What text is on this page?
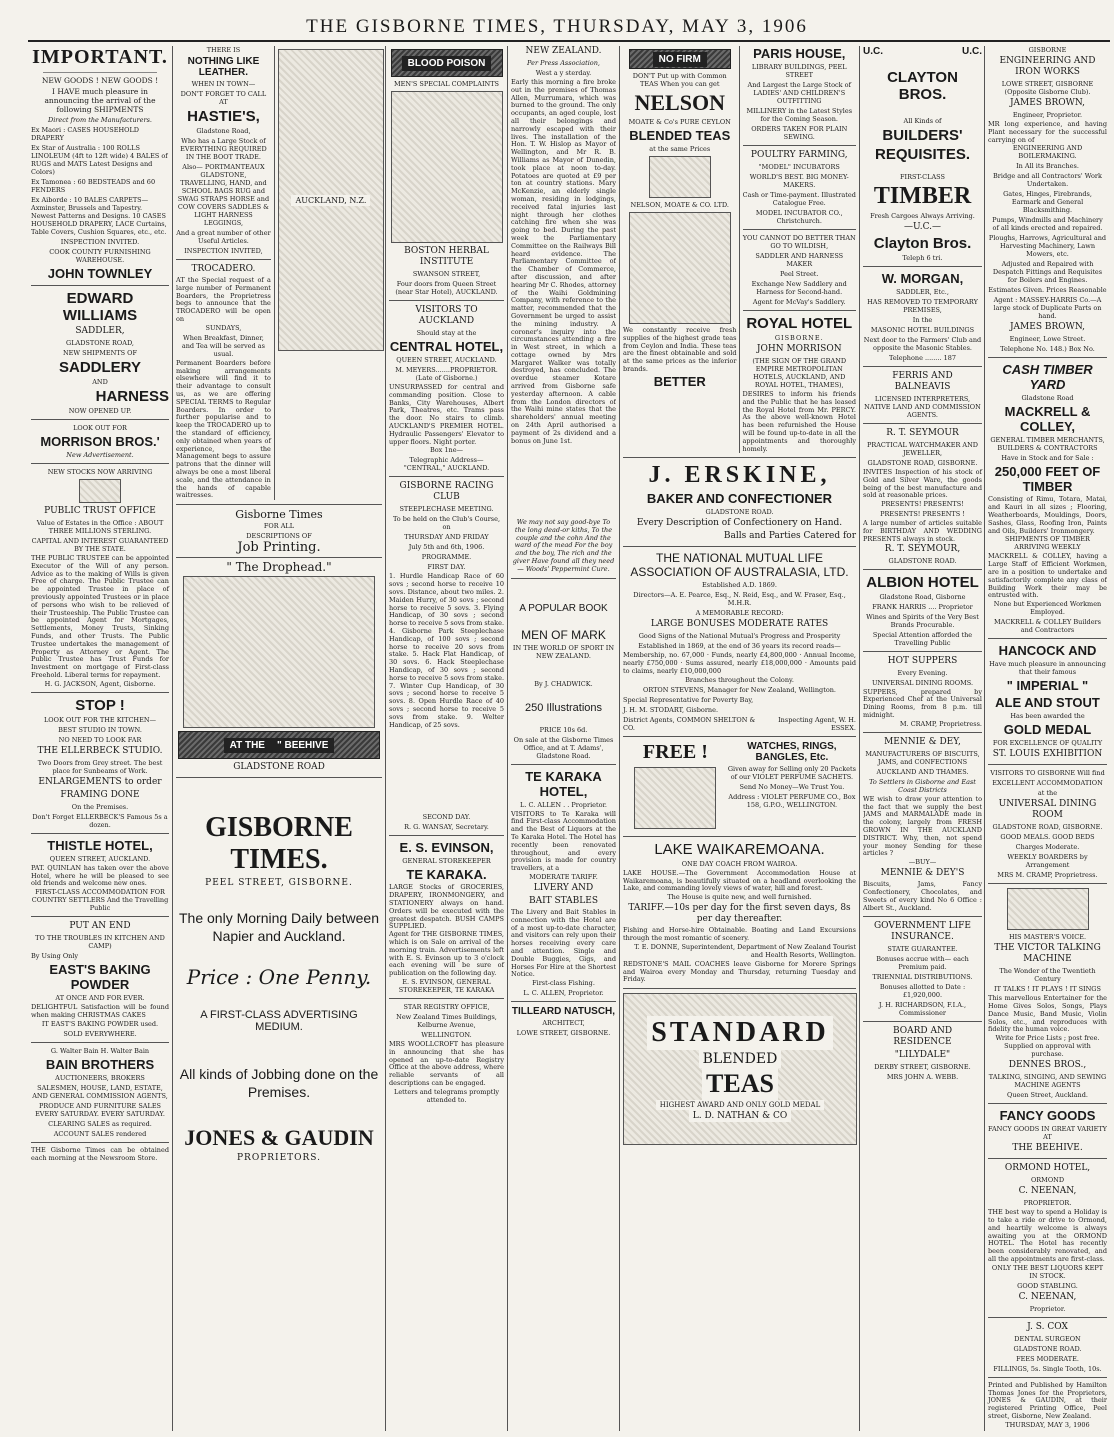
THE GISBORNE TIMES, THURSDAY, MAY 3, 1906
IMPORTANT.
NEW GOODS ! NEW GOODS !
I HAVE much pleasure in announcing the arrival of the following SHIPMENTS
Direct from the Manufacturers.
Ex Maori : CASES HOUSEHOLD DRAPERY
Ex Star of Australia : 100 ROLLS LINOLEUM (4ft to 12ft wide) 4 BALES of RUGS and MATS Latest Designs and Colors)
Ex Tamonea : 60 BEDSTEADS and 60 FENDERS
Ex Aiborde : 10 BALES CARPETS—Axminster, Brussels and Tapestry. Newest Patterns and Designs. 10 CASES HOUSEHOLD DRAPERY, LACE Curtains, Table Covers, Cushion Squares, etc., etc.
INSPECTION INVITED.
COOK COUNTY FURNISHING WAREHOUSE.
JOHN TOWNLEY
EDWARD WILLIAMS
SADDLER,
GLADSTONE ROAD,
NEW SHIPMENTS OF
SADDLERY
AND
HARNESS
NOW OPENED UP.
LOOK OUT FOR
MORRISON BROS.'
New Advertisement.
NEW STOCKS NOW ARRIVING
PUBLIC TRUST OFFICE
Value of Estates in the Office : ABOUT THREE MILLIONS STERLING.
CAPITAL AND INTEREST GUARANTEED BY THE STATE.
THE PUBLIC TRUSTEE can be appointed Executor of the Will of any person. Advice as to the making of Wills is given Free of charge. The Public Trustee can be appointed Trustee in place of previously appointed Trustees or in place of persons who wish to be relieved of their Trusteeship. The Public Trustee can be appointed Agent for Mortgages, Settlements, Money Trusts, Sinking Funds, and other Trusts. The Public Trustee undertakes the management of Property as Attorney or Agent. The Public Trustee has Trust Funds for Investment on mortgage of First-class Freehold. Liberal terms for repayment.
H. G. JACKSON, Agent, Gisborne.
STOP !
LOOK OUT FOR THE KITCHEN—
BEST STUDIO IN TOWN.
NO NEED TO LOOK FAR
THE ELLERBECK STUDIO.
Two Doors from Grey street. The best place for Sunbeams of Work.
ENLARGEMENTS to order
FRAMING DONE
On the Premises.
Don't Forget ELLERBECK'S Famous 5s a dozen.
THISTLE HOTEL,
QUEEN STREET, AUCKLAND.
PAT. QUINLAN has taken over the above Hotel, where he will be pleased to see old friends and welcome new ones.
FIRST-CLASS ACCOMMODATION FOR COUNTRY SETTLERS And the Travelling Public
PUT AN END
TO THE TROUBLES IN KITCHEN AND CAMP)
By Using Only
EAST'S BAKING POWDER
AT ONCE AND FOR EVER.
DELIGHTFUL Satisfaction will be found when making CHRISTMAS CAKES
IT EAST'S BAKING POWDER used.
SOLD EVERYWHERE.
G. Walter Bain H. Walter Bain
BAIN BROTHERS
AUCTIONEERS, BROKERS
SALESMEN, HOUSE, LAND, ESTATE, AND GENERAL COMMISSION AGENTS,
PRODUCE AND FURNITURE SALES EVERY SATURDAY. EVERY SATURDAY.
CLEARING SALES as required.
ACCOUNT SALES rendered
THE Gisborne Times can be obtained each morning at the Newsroom Store.
THERE IS
NOTHING LIKE LEATHER.
WHEN IN TOWN—
DON'T FORGET TO CALL AT
HASTIE'S,
Gladstone Road,
Who has a Large Stock of EVERYTHING REQUIRED IN THE BOOT TRADE.
Also— PORTMANTEAUX GLADSTONE, TRAVELLING, HAND, and SCHOOL BAGS RUG and SWAG STRAPS HORSE and COW COVERS SADDLES & LIGHT HARNESS LEGGINGS,
And a great number of other Useful Articles.
INSPECTION INVITED,
TROCADERO.
AT the Special request of a large number of Permanent Boarders, the Proprietress begs to announce that the TROCADERO will be open on
SUNDAYS,
When Breakfast, Dinner, and Tea will be served as usual.
Permanent Boarders before making arrangements elsewhere will find it to their advantage to consult us, as we are offering SPECIAL TERMS to Regular Boarders. In order to further popularise and to keep the TROCADERO up to the standard of efficiency, only obtained when years of experience, the Management begs to assure patrons that the dinner will always be one a most liberal scale, and the attendance in the hands of capable waitresses.
AUCKLAND, N.Z.
Gisborne Times
FOR ALL
DESCRIPTIONS OF
Job Printing.
" The Drophead."
AT THE	" BEEHIVE
GLADSTONE ROAD
GISBORNE TIMES.
PEEL STREET, GISBORNE.
The only Morning Daily between Napier and Auckland.
Price : One Penny.
A FIRST-CLASS ADVERTISING MEDIUM.
All kinds of Jobbing done on the Premises.
JONES & GAUDIN
PROPRIETORS.
BLOOD POISON
MEN'S SPECIAL COMPLAINTS
BOSTON HERBAL INSTITUTE
SWANSON STREET,
Four doors from Queen Street (near Star Hotel), AUCKLAND.
VISITORS TO AUCKLAND
Should stay at the
CENTRAL HOTEL,
QUEEN STREET, AUCKLAND.
M. MEYERS.......PROPRIETOR. (Late of Gisborne.)
UNSURPASSED for central and commanding position. Close to Banks, City Warehouses, Albert Park, Theatres, etc. Trams pass the door. No stairs to climb. AUCKLAND'S PREMIER HOTEL. Hydraulic Passengers' Elevator to upper floors. Night porter.
Box 1ne—
Telegraphic Address— "CENTRAL," AUCKLAND.
GISBORNE RACING CLUB
STEEPLECHASE MEETING.
To be held on the Club's Course, on
THURSDAY AND FRIDAY
July 5th and 6th, 1906.
PROGRAMME.
FIRST DAY.
1. Hurdle Handicap Race of 60 sovs ; second horse to receive 10 sovs. Distance, about two miles. 2. Maiden Hurry, of 30 sovs ; second horse to receive 5 sovs. 3. Flying Handicap, of 30 sovs ; second horse to receive 5 sovs from stake. 4. Gisborne Park Steeplechase Handicap, of 100 sovs ; second horse to receive 20 sovs from stake. 5. Hack Flat Handicap, of 30 sovs. 6. Hack Steeplechase Handicap, of 30 sovs ; second horse to receive 5 sovs from stake. 7. Winter Cup Handicap, of 30 sovs ; second horse to receive 5 sovs. 8. Open Hurdle Race of 40 sovs ; second horse to receive 5 sovs from stake. 9. Welter Handicap, of 25 sovs.
SECOND DAY.
R. G. WANSAY, Secretary.
E. S. EVINSON,
GENERAL STOREKEEPER
TE KARAKA.
LARGE Stocks of GROCERIES, DRAPERY, IRONMONGERY, and STATIONERY always on hand. Orders will be executed with the greatest despatch. BUSH CAMPS SUPPLIED.
Agent for THE GISBORNE TIMES, which is on Sale on arrival of the morning train. Advertisements left with E. S. Evinson up to 3 o'clock each evening will be sure of publication on the following day.
E. S. EVINSON, GENERAL STOREKEEPER, TE KARAKA
STAR REGISTRY OFFICE,
New Zealand Times Buildings, Kelburne Avenue,
WELLINGTON.
MRS WOOLLCROFT has pleasure in announcing that she has opened an up-to-date Registry Office at the above address, where reliable servants of all descriptions can be engaged.
Letters and telegrams promptly attended to.
NEW ZEALAND.
Per Press Association,
West a y sterday.
Early this morning a fire broke out in the premises of Thomas Allen, Murrumara, which was burned to the ground. The only occupants, an aged couple, lost all their belongings and narrowly escaped with their lives. The installation of the Hon. T. W. Hislop as Mayor of Wellington, and Mr R. B. Williams as Mayor of Dunedin, took place at noon to-day. Potatoes are quoted at £9 per ton at country stations. Mary McKenzie, an elderly single woman, residing in lodgings, received fatal injuries last night through her clothes catching fire when she was going to bed. During the past week the Parliamentary Committee on the Railways Bill heard evidence. The Parliamentary Committee of the Chamber of Commerce, after discussion, and after hearing Mr C. Rhodes, attorney of the Waihi Goldmining Company, with reference to the matter, recommended that the Government be urged to assist the mining industry. A coroner's inquiry into the circumstances attending a fire in West street, in which a cottage owned by Mrs Margaret Walker was totally destroyed, has concluded. The overdue steamer Kotare arrived from Gisborne safe yesterday afternoon. A cable from the London directors of the Waihi mine states that the shareholders' annual meeting on 24th April authorised a payment of 2s dividend and a bonus on June 1st.
We may not say good-bye To the long dead-or kiths, To the couple and the cohn And the ward of the mead For the boy and the boy, The rich and the giver Have found all they need— Woods' Peppermint Cure.
A POPULAR BOOK
MEN OF MARK
IN THE WORLD OF SPORT IN NEW ZEALAND.
By J. CHADWICK.
250 Illustrations
PRICE 10s 6d.
On sale at the Gisborne Times Office, and at T. Adams', Gladstone Road.
TE KARAKA HOTEL,
L. C. ALLEN . . Proprietor.
VISITORS to Te Karaka will find First-class Accommodation and the Best of Liquors at the Te Karaka Hotel. The Hotel has recently been renovated throughout, and every provision is made for country travellers, at a
MODERATE TARIFF.
LIVERY AND
BAIT STABLES
The Livery and Bait Stables in connection with the Hotel are of a most up-to-date character, and visitors can rely upon their horses receiving every care and attention. Single and Double Buggies, Gigs, and Horses For Hire at the Shortest Notice.
First-class Fishing.
L. C. ALLEN, Proprietor.
TILLEARD NATUSCH,
ARCHITECT,
LOWE STREET, GISBORNE.
NO FIRM
DON'T Put up with Common TEAS When you can get
NELSON
MOATE & Co's PURE CEYLON
BLENDED TEAS
at the same Prices
NELSON, MOATE & CO. LTD.
We constantly receive fresh supplies of the highest grade teas from Ceylon and India. These teas are the finest obtainable and sold at the same prices as the inferior brands.
BETTER
PARIS HOUSE,
LIBRARY BUILDINGS, PEEL STREET
And Largest the Large Stock of LADIES' AND CHILDREN'S OUTFITTING
MILLINERY in the Latest Styles for the Coming Season.
ORDERS TAKEN FOR PLAIN SEWING.
POULTRY FARMING,
"MODEL" INCUBATORS
WORLD'S BEST. BIG MONEY-MAKERS.
Cash or Time-payment. Illustrated Catalogue Free.
MODEL INCUBATOR CO., Christchurch.
YOU CANNOT DO BETTER THAN GO TO WILDISH,
SADDLER AND HARNESS MAKER
Peel Street.
Exchange New Saddlery and Harness for Second-hand.
Agent for McVay's Saddlery.
ROYAL HOTEL
GISBORNE.
JOHN MORRISON
(THE SIGN OF THE GRAND EMPIRE METROPOLITAN HOTELS, AUCKLAND, AND ROYAL HOTEL, THAMES),
DESIRES to inform his friends and the Public that he has leased the Royal Hotel from Mr. PERCY. As the above well-known Hotel has been refurnished the House will be found up-to-date in all the appointments and thoroughly homely.
J. ERSKINE,
BAKER AND CONFECTIONER
GLADSTONE ROAD.
Every Description of Confectionery on Hand.
Balls and Parties Catered for
THE NATIONAL MUTUAL LIFE ASSOCIATION OF AUSTRALASIA, LTD.
Established A.D. 1869.
Directors—A. E. Pearce, Esq., N. Reid, Esq., and W. Fraser, Esq., M.H.R.
A MEMORABLE RECORD:
LARGE BONUSES MODERATE RATES
Good Signs of the National Mutual's Progress and Prosperity
Established in 1869, at the end of 36 years its record reads—
Membership, no. 67,000 · Funds, nearly £4,800,000 · Annual Income, nearly £750,000 · Sums assured, nearly £18,000,000 · Amounts paid to claims, nearly £10,000,000
Branches throughout the Colony.
ORTON STEVENS, Manager for New Zealand, Wellington.
Special Representative for Poverty Bay,
J. H. M. STODART, Gisborne.
District Agents, COMMON SHELTON & CO.
Inspecting Agent, W. H. ESSEX.
FREE !	WATCHES, RINGS, BANGLES, Etc.
Given away for Selling only 20 Packets of our VIOLET PERFUME SACHETS.
Send No Money—We Trust You.
Address : VIOLET PERFUME CO., Box 158, G.P.O., WELLINGTON.
LAKE WAIKAREMOANA.
ONE DAY COACH FROM WAIROA.
LAKE HOUSE.—The Government Accommodation House at Waikaremoana, is beautifully situated on a headland overlooking the Lake, and commanding lovely views of water, hill and forest.
The House is quite new, and well furnished.
TARIFF.—10s per day for the first seven days, 8s per day thereafter.
Fishing and Horse-hire Obtainable. Boating and Land Excursions through the most romantic of scenery.
T. E. DONNE, Superintendent, Department of New Zealand Tourist and Health Resorts, Wellington.
REDSTONE'S MAIL COACHES leave Gisborne for Morere Springs and Wairoa every Monday and Thursday, returning Tuesday and Friday.
STANDARD
BLENDED
TEAS
HIGHEST AWARD AND ONLY GOLD MEDAL
L. D. NATHAN & CO
U.C.	U.C.
CLAYTON BROS.
All Kinds of
BUILDERS'
REQUISITES.
FIRST-CLASS
TIMBER
Fresh Cargoes Always Arriving.
—U.C.—
Clayton Bros.
Teleph 6 tri.
W. MORGAN,
SADDLER, Etc.,
HAS REMOVED TO TEMPORARY PREMISES,
In the
MASONIC HOTEL BUILDINGS
Next door to the Farmers' Club and opposite the Masonic Stables.
Telephone ........ 187
FERRIS AND BALNEAVIS
LICENSED INTERPRETERS, NATIVE LAND AND COMMISSION AGENTS.
R. T. SEYMOUR
PRACTICAL WATCHMAKER AND JEWELLER,
GLADSTONE ROAD, GISBORNE.
INVITES Inspection of his stock of Gold and Silver Ware, the goods being of the best manufacture and sold at reasonable prices.
PRESENTS! PRESENTS!
PRESENTS! PRESENTS !
A large number of articles suitable for BIRTHDAY AND WEDDING PRESENTS always in stock.
R. T. SEYMOUR,
GLADSTONE ROAD.
ALBION HOTEL
Gladstone Road, Gisborne
FRANK HARRIS .... Proprietor
Wines and Spirits of the Very Best Brands Procurable.
Special Attention afforded the Travelling Public
HOT SUPPERS
Every Evening.
UNIVERSAL DINING ROOMS.
SUPPERS, prepared by Experienced Chef at the Universal Dining Rooms, from 8 p.m. till midnight.
M. CRAMP, Proprietress.
MENNIE & DEY,
MANUFACTURERS OF BISCUITS, JAMS, and CONFECTIONS
AUCKLAND AND THAMES.
To Settlers in Gisborne and East Coast Districts
WE wish to draw your attention to the fact that we supply the best JAMS and MARMALADE made in the colony, largely from FRESH GROWN IN THE AUCKLAND DISTRICT. Why, then, not spend your money Sending for these articles ?
—BUY—
MENNIE & DEY'S
Biscuits, Jams, Fancy Confectionery, Chocolates, and Sweets of every kind No 6 Office : Albert St., Auckland.
GOVERNMENT LIFE INSURANCE.
STATE GUARANTEE.
Bonuses accrue with— each Premium paid.
TRIENNIAL DISTRIBUTIONS.
Bonuses allotted to Date : £1,920,000.
J. H. RICHARDSON, F.I.A., Commissioner
BOARD AND RESIDENCE
"LILYDALE"
DERBY STREET, GISBORNE.
MRS JOHN A. WEBB.
GISBORNE
ENGINEERING AND IRON WORKS
LOWE STREET, GISBORNE (Opposite Gisborne Club).
JAMES BROWN,
Engineer, Proprietor.
MR long experience, and having Plant necessary for the successful carrying on of
ENGINEERING AND BOILERMAKING.
In All its Branches.
Bridge and all Contractors' Work Undertaken.
Gates, Hinges, Firebrands, Earmark and General Blacksmithing.
Pumps, Windmills and Machinery of all kinds erected and repaired.
Ploughs, Harrows, Agricultural and Harvesting Machinery, Lawn Mowers, etc.
Adjusted and Repaired with Despatch Fittings and Requisites for Boilers and Engines.
Estimates Given. Prices Reasonable
Agent : MASSEY-HARRIS Co.—A large stock of Duplicate Parts on hand.
JAMES BROWN,
Engineer, Lowe Street.
Telephone No. 148.) Box No.
CASH TIMBER YARD
Gladstone Road
MACKRELL & COLLEY,
GENERAL TIMBER MERCHANTS, BUILDERS & CONTRACTORS
Have in Stock and for Sale :
250,000 FEET OF TIMBER
Consisting of Rimu, Totara, Matai, and Kauri in all sizes ; Flooring, Weatherboards, Mouldings, Doors, Sashes, Glass, Roofing Iron, Paints and Oils, Builders' Ironmongery.
SHIPMENTS OF TIMBER ARRIVING WEEKLY
MACKRELL & COLLEY, having a Large Staff of Efficient Workmen, are in a position to undertake and satisfactorily complete any class of Building Work their may be entrusted with.
None but Experienced Workmen Employed.
MACKRELL & COLLEY Builders and Contractors
HANCOCK AND
Have much pleasure in announcing that their famous
" IMPERIAL "
ALE AND STOUT
Has been awarded the
GOLD MEDAL
FOR EXCELLENCE OF QUALITY
ST. LOUIS EXHIBITION
VISITORS TO GISBORNE Will find
EXCELLENT ACCOMMODATION
at the
UNIVERSAL DINING ROOM
GLADSTONE ROAD, GISBORNE.
GOOD MEALS. GOOD BEDS
Charges Moderate.
WEEKLY BOARDERS by Arrangement
MRS M. CRAMP, Proprietress.
HIS MASTER'S VOICE.
THE VICTOR TALKING MACHINE
The Wonder of the Twentieth Century
IT TALKS ! IT PLAYS ! IT SINGS
This marvellous Entertainer for the Home Gives Solos, Songs, Plays Dance Music, Band Music, Violin Solos, etc., and reproduces with fidelity the human voice.
Write for Price Lists ; post free. Supplied on approval with purchase.
DENNES BROS.,
TALKING, SINGING, AND SEWING MACHINE AGENTS
Queen Street, Auckland.
FANCY GOODS
FANCY GOODS IN GREAT VARIETY AT
THE BEEHIVE.
ORMOND HOTEL,
ORMOND
C. NEENAN,
PROPRIETOR.
THE best way to spend a Holiday is to take a ride or drive to Ormond, and heartily welcome is always awaiting you at the ORMOND HOTEL. The Hotel has recently been considerably renovated, and all the appointments are first-class.
ONLY THE BEST LIQUORS KEPT IN STOCK.
GOOD STABLING.
C. NEENAN,
Proprietor.
J. S. COX
DENTAL SURGEON
GLADSTONE ROAD.
FEES MODERATE.
FILLINGS, 5s. Single Tooth, 10s.
Printed and Published by Hamilton Thomas Jones for the Proprietors, JONES & GAUDIN, at their registered Printing Office, Peel street, Gisborne, New Zealand.
THURSDAY, MAY 3, 1906
